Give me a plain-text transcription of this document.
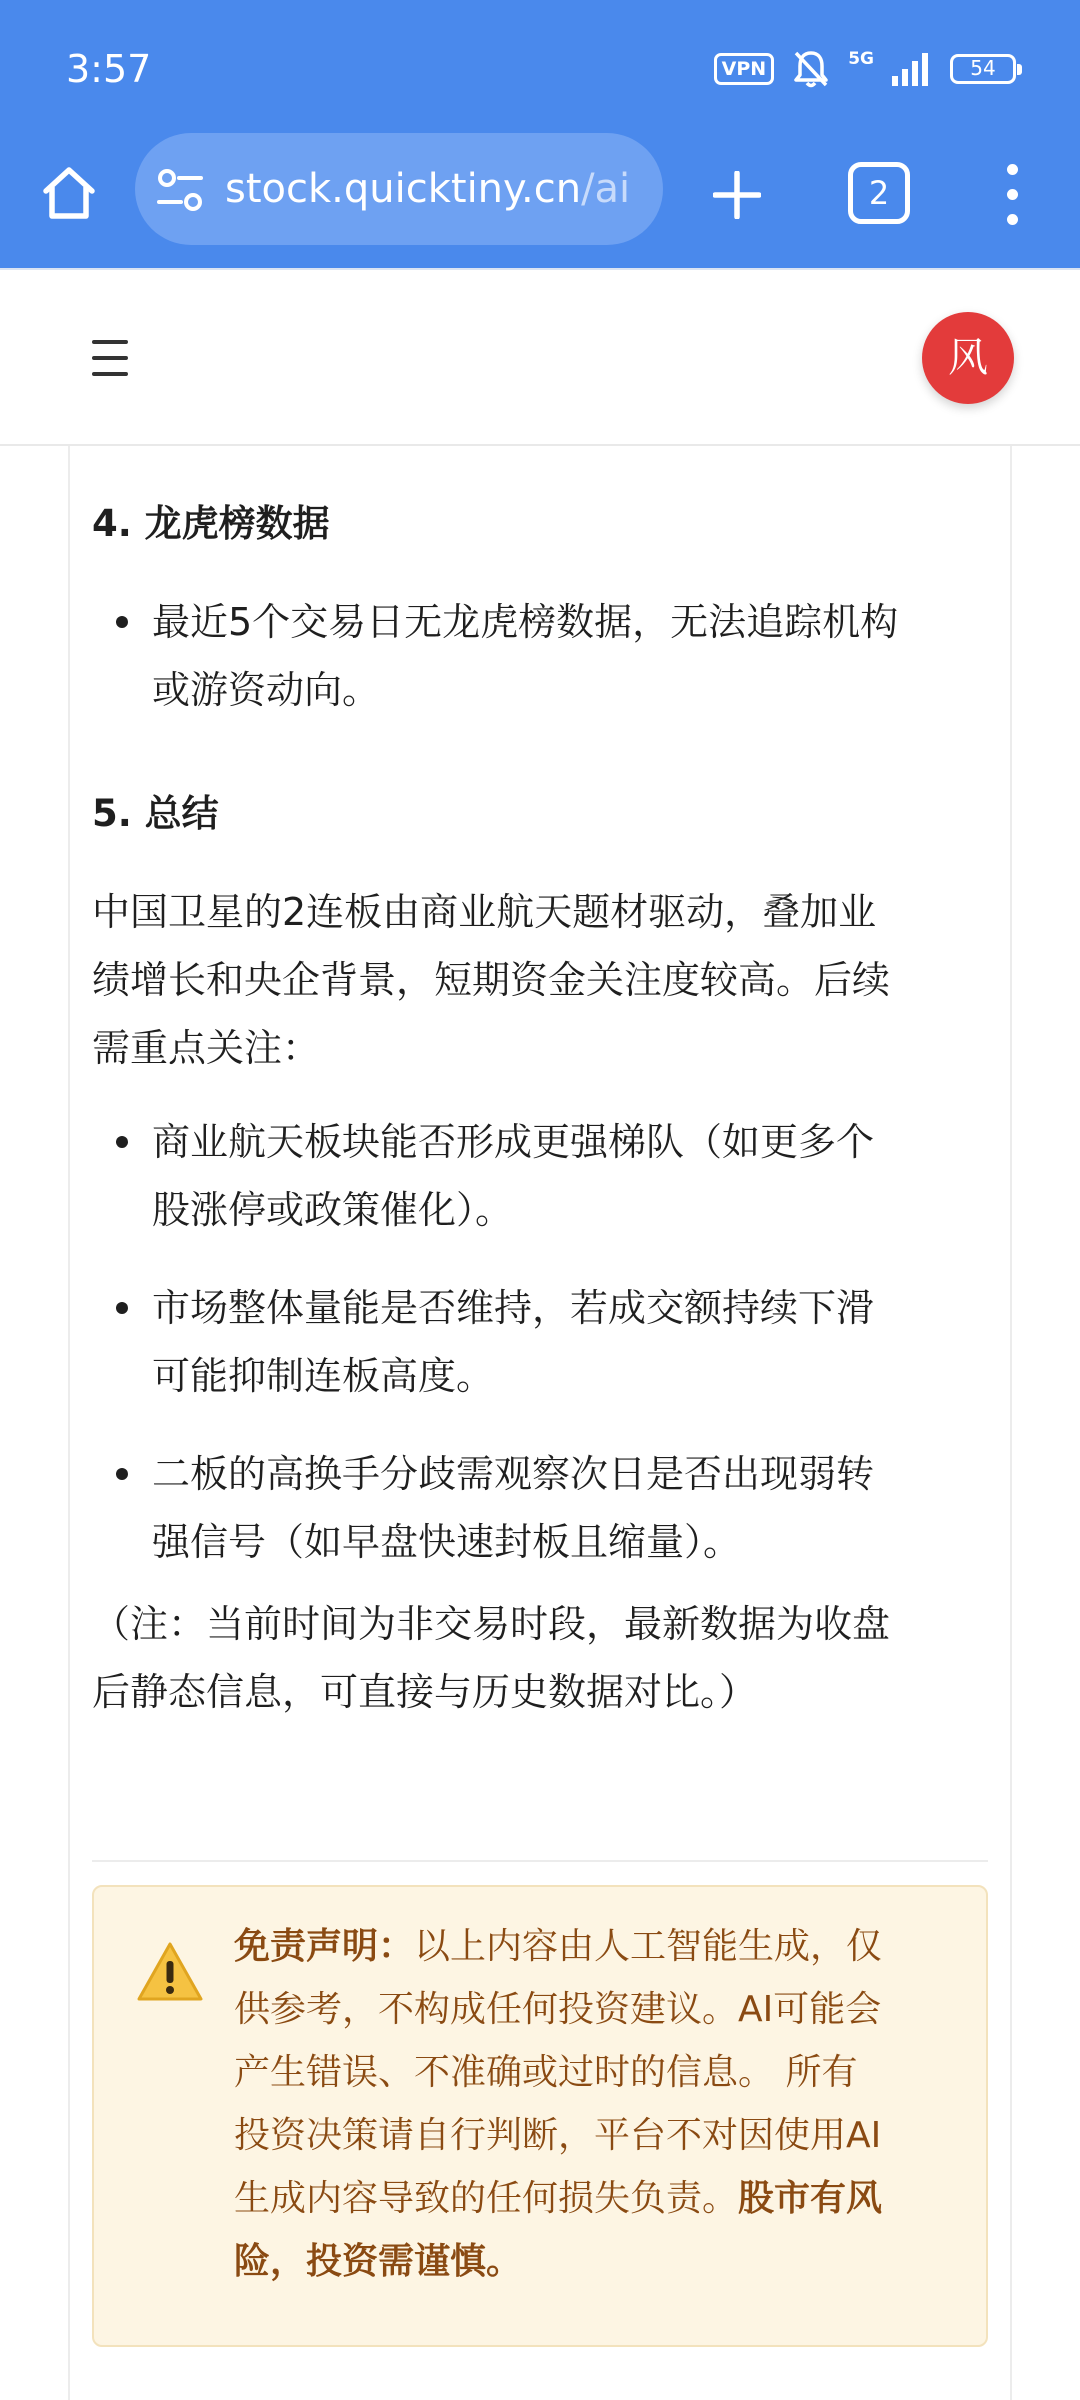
3:57	VPN	5G	54
stock.quicktiny.cn/ai	2
风
4. 龙虎榜数据
最近5个交易日无龙虎榜数据，无法追踪机构
或游资动向。
5. 总结
中国卫星的2连板由商业航天题材驱动，叠加业
绩增长和央企背景，短期资金关注度较高。后续
需重点关注：
商业航天板块能否形成更强梯队（如更多个
股涨停或政策催化）。
市场整体量能是否维持，若成交额持续下滑
可能抑制连板高度。
二板的高换手分歧需观察次日是否出现弱转
强信号（如早盘快速封板且缩量）。
（注：当前时间为非交易时段，最新数据为收盘
后静态信息，可直接与历史数据对比。）
免责声明：以上内容由人工智能生成，仅
供参考，不构成任何投资建议。AI可能会
产生错误、不准确或过时的信息。 所有
投资决策请自行判断，平台不对因使用AI
生成内容导致的任何损失负责。股市有风
险，投资需谨慎。
